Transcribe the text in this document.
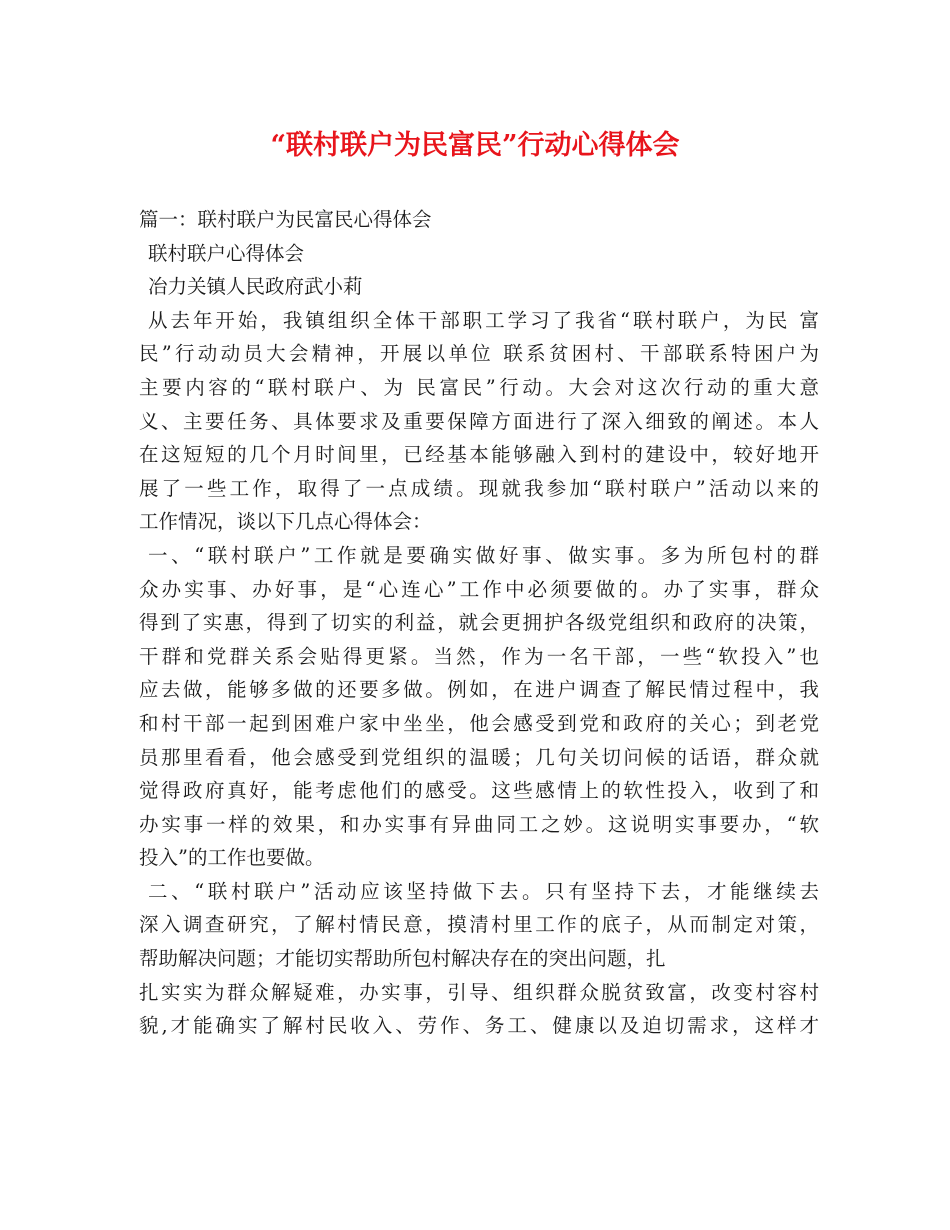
“联村联户为民富民”行动心得体会

篇一：联村联户为民富民心得体会

联村联户心得体会

冶力关镇人民政府武小莉

从去年开始，我镇组织全体干部职工学习了我省“联村联户，为民 富

民”行动动员大会精神，开展以单位 联系贫困村、干部联系特困户为

主要内容的“联村联户、为 民富民”行动。大会对这次行动的重大意

义、主要任务、具体要求及重要保障方面进行了深入细致的阐述。本人

在这短短的几个月时间里，已经基本能够融入到村的建设中，较好地开

展了一些工作，取得了一点成绩。现就我参加“联村联户”活动以来的

工作情况，谈以下几点心得体会：

一、“联村联户”工作就是要确实做好事、做实事。多为所包村的群

众办实事、办好事，是“心连心”工作中必须要做的。办了实事，群众

得到了实惠，得到了切实的利益，就会更拥护各级党组织和政府的决策，

干群和党群关系会贴得更紧。当然，作为一名干部，一些“软投入”也

应去做，能够多做的还要多做。例如，在进户调查了解民情过程中，我

和村干部一起到困难户家中坐坐，他会感受到党和政府的关心；到老党

员那里看看，他会感受到党组织的温暖；几句关切问候的话语，群众就

觉得政府真好，能考虑他们的感受。这些感情上的软性投入，收到了和

办实事一样的效果，和办实事有异曲同工之妙。这说明实事要办，“软

投入”的工作也要做。

二、“联村联户”活动应该坚持做下去。只有坚持下去，才能继续去

深入调查研究，了解村情民意，摸清村里工作的底子，从而制定对策，

帮助解决问题；才能切实帮助所包村解决存在的突出问题，扎

扎实实为群众解疑难，办实事，引导、组织群众脱贫致富，改变村容村

貌,才能确实了解村民收入、劳作、务工、健康以及迫切需求，这样才
